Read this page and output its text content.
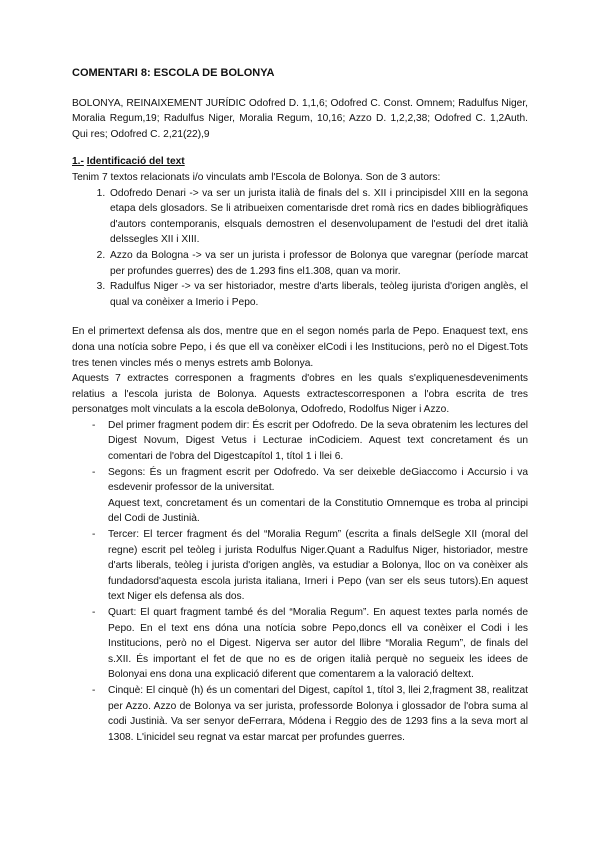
COMENTARI 8: ESCOLA DE BOLONYA

BOLONYA, REINAIXEMENT JURÍDIC Odofred D. 1,1,6; Odofred C. Const. Omnem; Radulfus Niger, Moralia Regum,19; Radulfus Niger, Moralia Regum, 10,16; Azzo D. 1,2,2,38; Odofred C. 1,2Auth. Qui res; Odofred C. 2,21(22),9

1.- Identificació del text

Tenim 7 textos relacionats i/o vinculats amb l'Escola de Bolonya. Son de 3 autors:

1. Odofredo Denari -> va ser un jurista italià de finals del s. XII i principisdel XIII en la segona etapa dels glosadors. Se li atribueixen comentarisde dret romà rics en dades bibliogràfiques d'autors contemporanis, elsquals demostren el desenvolupament de l'estudi del dret italià delssegles XII i XIII.
2. Azzo da Bologna -> va ser un jurista i professor de Bolonya que varegnar (període marcat per profundes guerres) des de 1.293 fins el1.308, quan va morir.
3. Radulfus Niger -> va ser historiador, mestre d'arts liberals, teòleg ijurista d'origen anglès, el qual va conèixer a Imerio i Pepo.

En el primertext defensa als dos, mentre que en el segon només parla de Pepo. Enaquest text, ens dona una notícia sobre Pepo, i és que ell va conèixer elCodi i les Institucions, però no el Digest.Tots tres tenen vincles més o menys estrets amb Bolonya.

Aquests 7 extractes corresponen a fragments d'obres en les quals s'expliquenesdeveniments relatius a l'escola jurista de Bolonya. Aquests extractescorresponen a l'obra escrita de tres personatges molt vinculats a la escola deBolonya, Odofredo, Rodolfus Niger i Azzo.

- Del primer fragment podem dir: És escrit per Odofredo. De la seva obratenim les lectures del Digest Novum, Digest Vetus i Lecturae inCodiciem. Aquest text concretament és un comentari de l'obra del Digestcapítol 1, títol 1 i llei 6.
- Segons: És un fragment escrit per Odofredo. Va ser deixeble deGiaccomo i Accursio i va esdevenir professor de la universitat.
Aquest text, concretament és un comentari de la Constitutio Omnemque es troba al principi del Codi de Justinià.
- Tercer: El tercer fragment és del “Moralia Regum” (escrita a finals delSegle XII (moral del regne) escrit pel teòleg i jurista Rodulfus Niger.Quant a Radulfus Niger, historiador, mestre d'arts liberals, teòleg i jurista d'origen anglès, va estudiar a Bolonya, lloc on va conèixer als fundadorsd'aquesta escola jurista italiana, Irneri i Pepo (van ser els seus tutors).En aquest text Niger els defensa als dos.
- Quart: El quart fragment també és del “Moralia Regum”. En aquest textes parla només de Pepo. En el text ens dóna una notícia sobre Pepo,doncs ell va conèixer el Codi i les Institucions, però no el Digest. Nigerva ser autor del llibre “Moralia Regum”, de finals del s.XII. És important el fet de que no es de origen italià perquè no segueix les idees de Bolonyai ens dona una explicació diferent que comentarem a la valoració deltext.
- Cinquè: El cinquè (h) és un comentari del Digest, capítol 1, títol 3, llei 2,fragment 38, realitzat per Azzo. Azzo de Bolonya va ser jurista, professorde Bolonya i glossador de l'obra suma al codi Justinià. Va ser senyor deFerrara, Módena i Reggio des de 1293 fins a la seva mort al 1308. L'inicidel seu regnat va estar marcat per profundes guerres.
